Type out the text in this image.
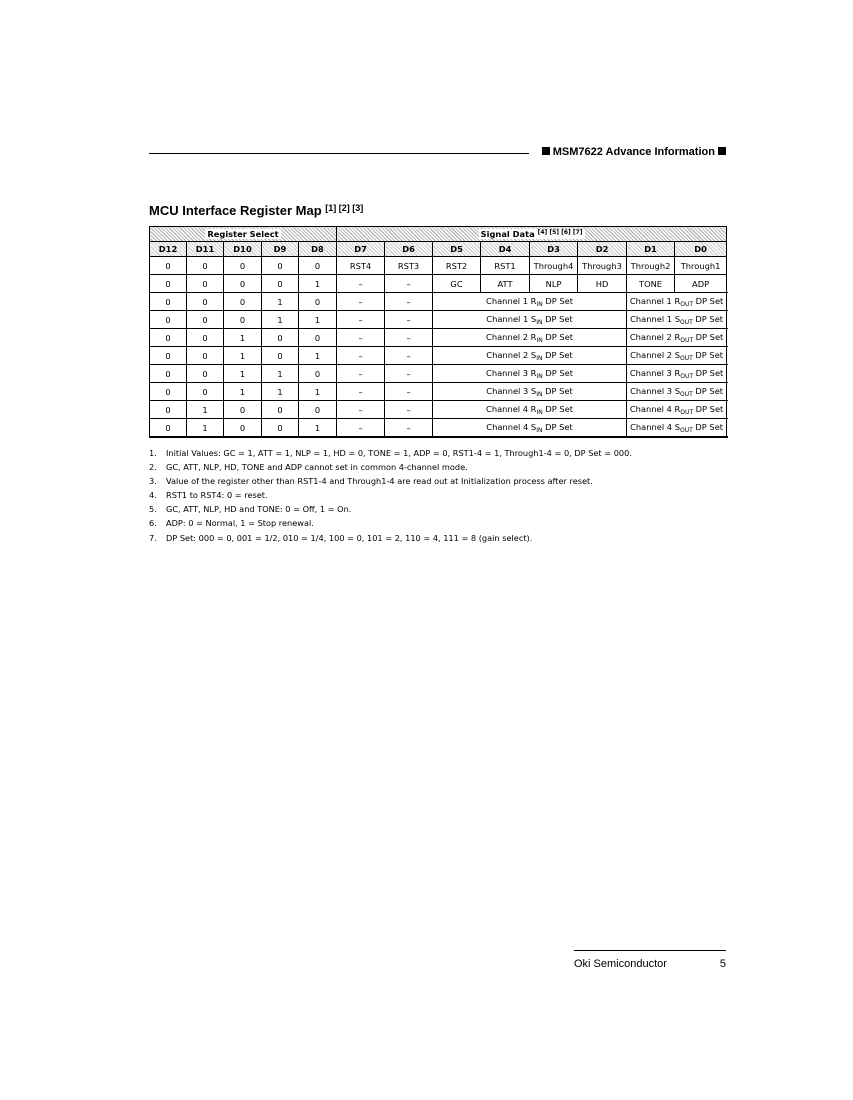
MSM7622 Advance Information
MCU Interface Register Map [1] [2] [3]
Register Select					Signal Data [4] [5] [6] [7]
D12	D11	D10	D9	D8	D7	D6	D5	D4	D3	D2	D1	D0
0	0	0	0	0	RST4	RST3	RST2	RST1	Through4	Through3	Through2	Through1
0	0	0	0	1	–	–	GC	ATT	NLP	HD	TONE	ADP
0	0	0	1	0	–	–	Channel 1 $R_{IN}$ DP Set				Channel 1 $R_{OUT}$ DP Set	
0	0	0	1	1	–	–	Channel 1 $S_{IN}$ DP Set				Channel 1 $S_{OUT}$ DP Set	
0	0	1	0	0	–	–	Channel 2 $R_{IN}$ DP Set				Channel 2 $R_{OUT}$ DP Set	
0	0	1	0	1	–	–	Channel 2 $S_{IN}$ DP Set				Channel 2 $S_{OUT}$ DP Set	
0	0	1	1	0	–	–	Channel 3 $R_{IN}$ DP Set				Channel 3 $R_{OUT}$ DP Set	
0	0	1	1	1	–	–	Channel 3 $S_{IN}$ DP Set				Channel 3 $S_{OUT}$ DP Set	
0	1	0	0	0	–	–	Channel 4 $R_{IN}$ DP Set				Channel 4 $R_{OUT}$ DP Set	
0	1	0	0	1	–	–	Channel 4 $S_{IN}$ DP Set				Channel 4 $S_{OUT}$ DP Set	
1. Initial Values: GC = 1, ATT = 1, NLP = 1, HD = 0, TONE = 1, ADP = 0, RST1-4 = 1, Through1-4 = 0, DP Set = 000.
2. GC, ATT, NLP, HD, TONE and ADP cannot set in common 4-channel mode.
3. Value of the register other than RST1-4 and Through1-4 are read out at Initialization process after reset.
4. RST1 to RST4: 0 = reset.
5. GC, ATT, NLP, HD and TONE: 0 = Off, 1 = On.
6. ADP: 0 = Normal, 1 = Stop renewal.
7. DP Set: 000 = 0, 001 = 1/2, 010 = 1/4, 100 = 0, 101 = 2, 110 = 4, 111 = 8 (gain select).
Oki Semiconductor	5
